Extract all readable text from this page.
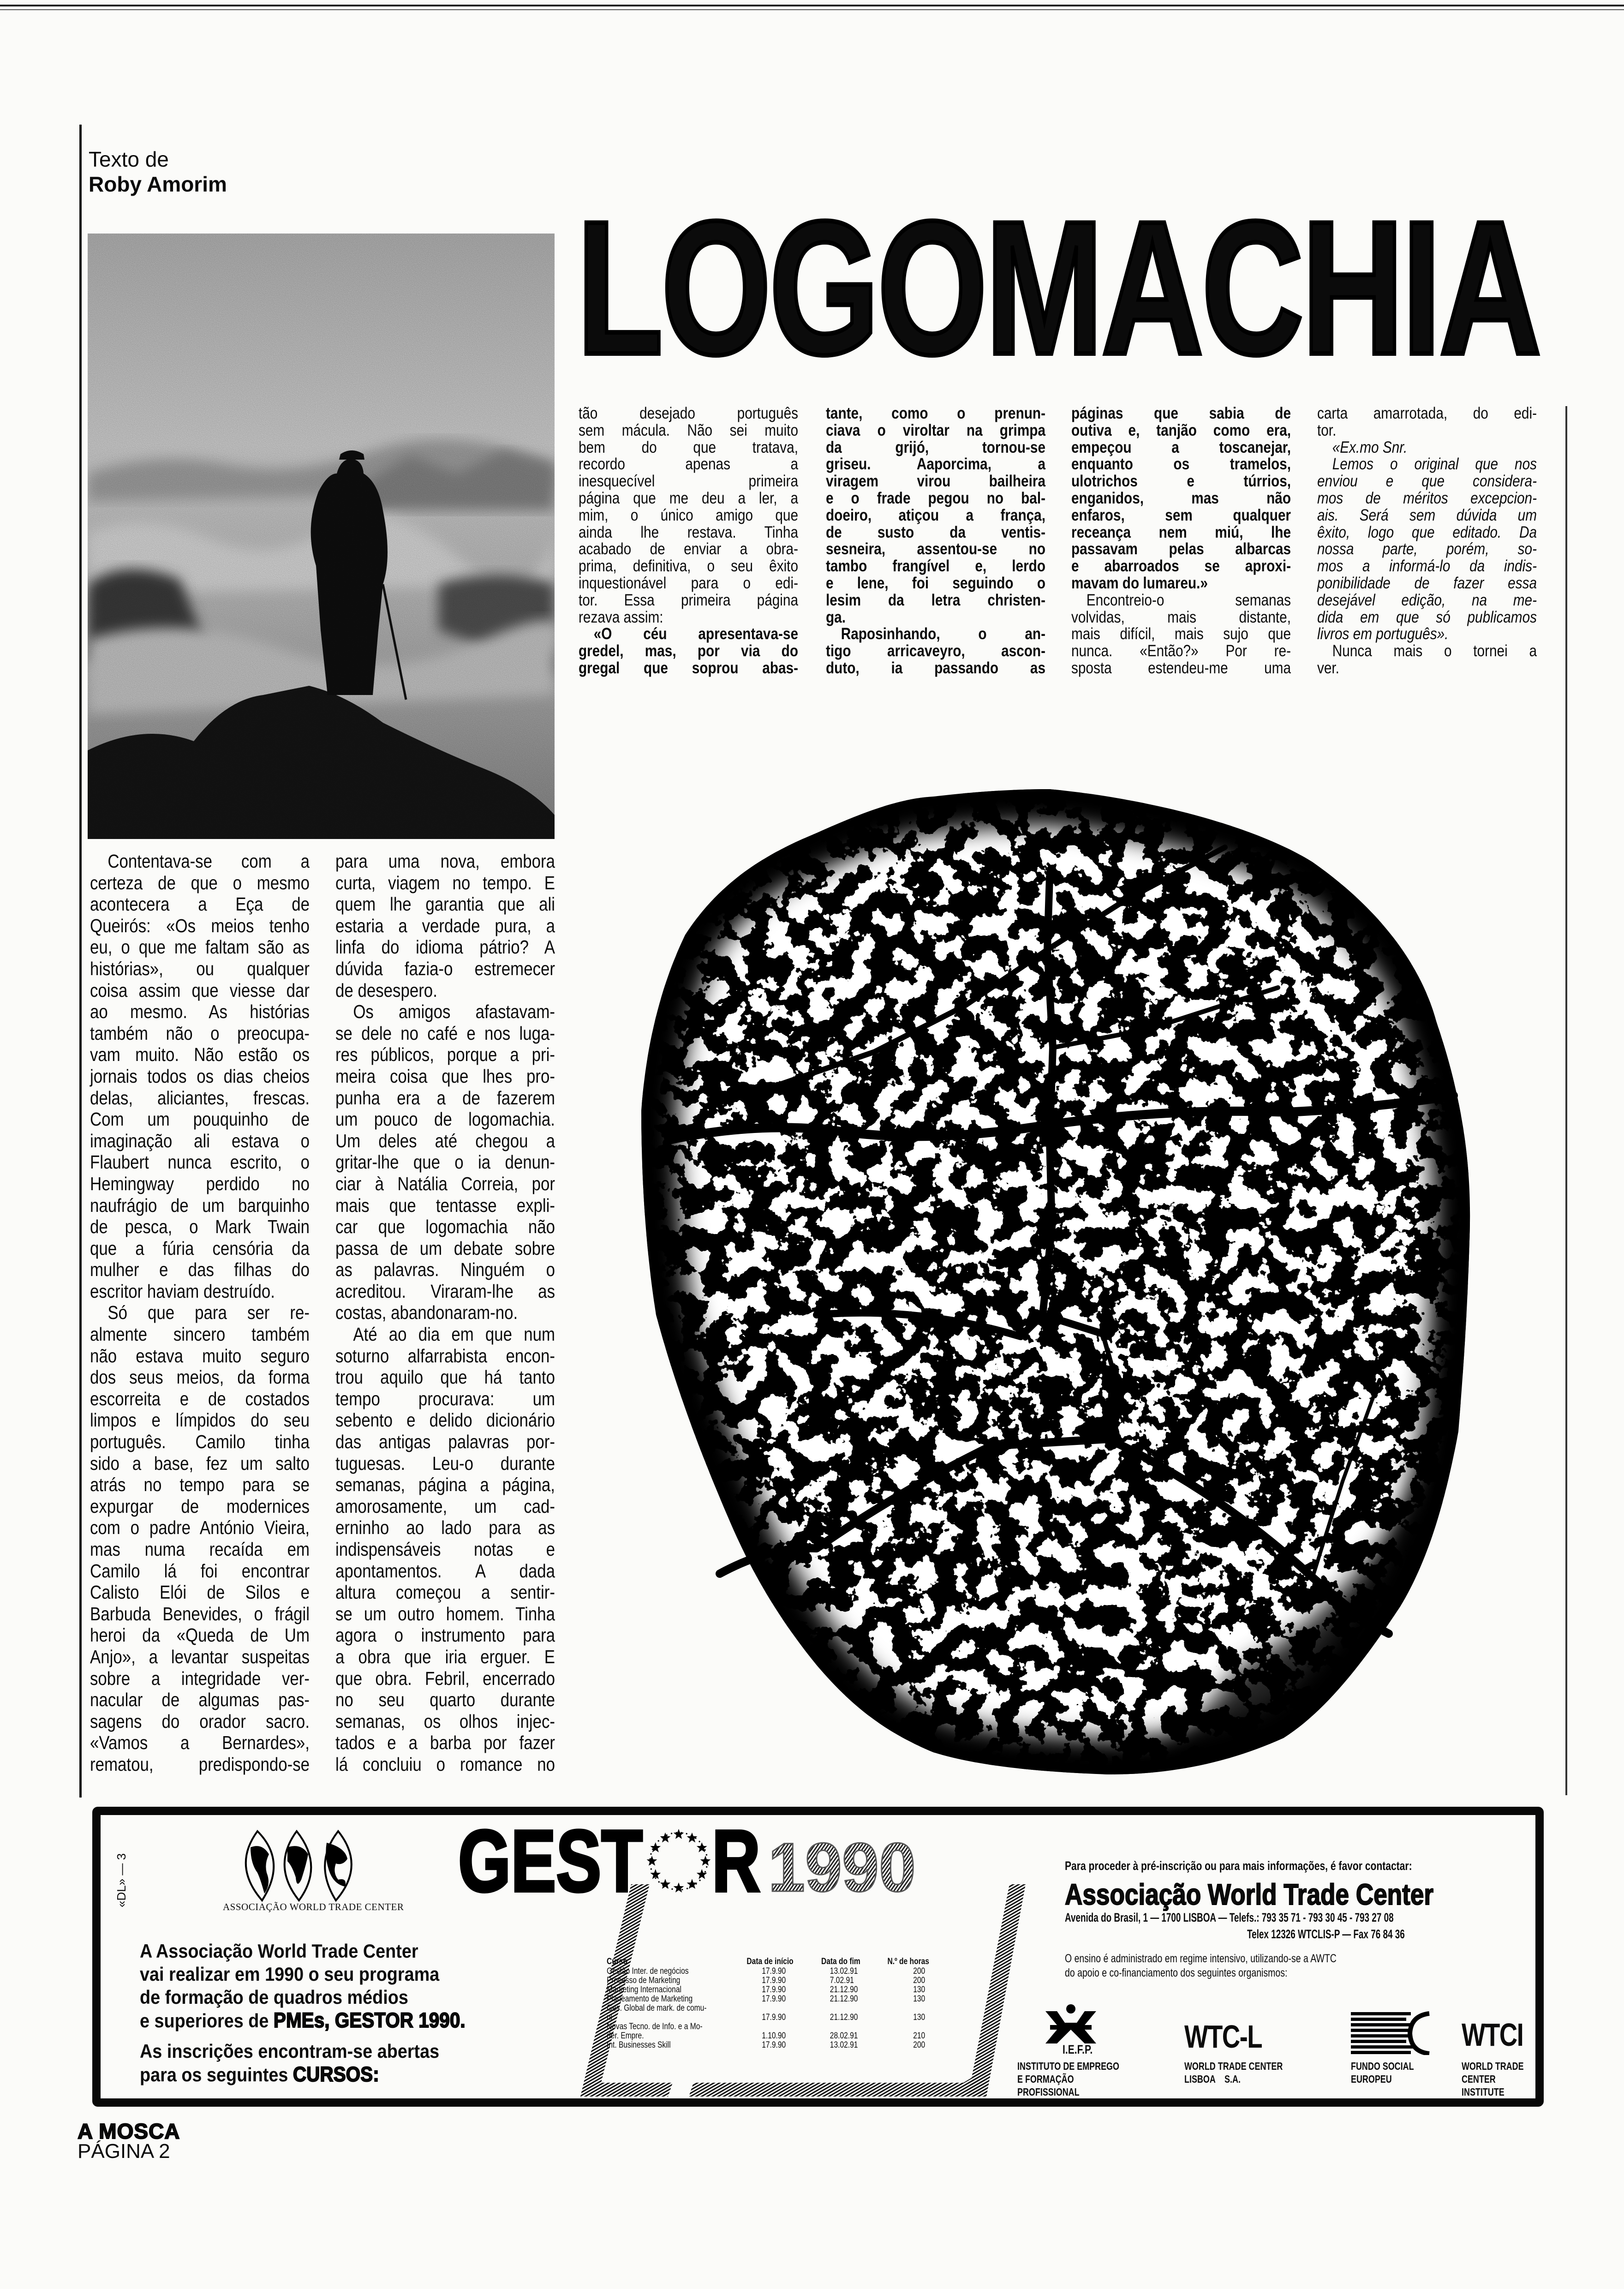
Texto de
Roby Amorim LOGOMACHIA
tão desejado português
sem mácula. Não sei muito
bem do que tratava,
recordo apenas a
inesquecível primeira
página que me deu a ler, a
mim, o único amigo que
ainda lhe restava. Tinha
acabado de enviar a obra-
prima, definitiva, o seu êxito
inquestionável para o edi-
tor. Essa primeira página
rezava assim:
«O céu apresentava-se
gredel, mas, por via do
gregal que soprou abas-
tante, como o prenun-
ciava o viroltar na grimpa
da grijó, tornou-se
griseu. Aaporcima, a
viragem virou bailheira
e o frade pegou no bal-
doeiro, atiçou a frança,
de susto da ventis-
sesneira, assentou-se no
tambo frangível e, lerdo
e lene, foi seguindo o
lesim da letra christen-
ga.
Raposinhando, o an-
tigo arricaveyro, ascon-
duto, ia passando as
páginas que sabia de
outiva e, tanjão como era,
empeçou a toscanejar,
enquanto os tramelos,
ulotrichos e túrrios,
enganidos, mas não
enfaros, sem qualquer
receança nem miú, lhe
passavam pelas albarcas
e abarroados se aproxi-
mavam do lumareu.»
Encontreio-o semanas
volvidas, mais distante,
mais difícil, mais sujo que
nunca. «Então?» Por re-
sposta estendeu-me uma
carta amarrotada, do edi-
tor.
«Ex.mo Snr.
Lemos o original que nos
enviou e que considera-
mos de méritos excepcion-
ais. Será sem dúvida um
êxito, logo que editado. Da
nossa parte, porém, so-
mos a informá-lo da indis-
ponibilidade de fazer essa
desejável edição, na me-
dida em que só publicamos
livros em português».
Nunca mais o tornei a
ver.
Contentava-se com a
certeza de que o mesmo
acontecera a Eça de
Queirós: «Os meios tenho
eu, o que me faltam são as
histórias», ou qualquer
coisa assim que viesse dar
ao mesmo. As histórias
também não o preocupa-
vam muito. Não estão os
jornais todos os dias cheios
delas, aliciantes, frescas.
Com um pouquinho de
imaginação ali estava o
Flaubert nunca escrito, o
Hemingway perdido no
naufrágio de um barquinho
de pesca, o Mark Twain
que a fúria censória da
mulher e das filhas do
escritor haviam destruído.
Só que para ser re-
almente sincero também
não estava muito seguro
dos seus meios, da forma
escorreita e de costados
limpos e límpidos do seu
português. Camilo tinha
sido a base, fez um salto
atrás no tempo para se
expurgar de modernices
com o padre António Vieira,
mas numa recaída em
Camilo lá foi encontrar
Calisto Elói de Silos e
Barbuda Benevides, o frágil
heroi da «Queda de Um
Anjo», a levantar suspeitas
sobre a integridade ver-
nacular de algumas pas-
sagens do orador sacro.
«Vamos a Bernardes»,
rematou, predispondo-se
para uma nova, embora
curta, viagem no tempo. E
quem lhe garantia que ali
estaria a verdade pura, a
linfa do idioma pátrio? A
dúvida fazia-o estremecer
de desespero.
Os amigos afastavam-
se dele no café e nos luga-
res públicos, porque a pri-
meira coisa que lhes pro-
punha era a de fazerem
um pouco de logomachia.
Um deles até chegou a
gritar-lhe que o ia denun-
ciar à Natália Correia, por
mais que tentasse expli-
car que logomachia não
passa de um debate sobre
as palavras. Ninguém o
acreditou. Viraram-lhe as
costas, abandonaram-no.
Até ao dia em que num
soturno alfarrabista encon-
trou aquilo que há tanto
tempo procurava: um
sebento e delido dicionário
das antigas palavras por-
tuguesas. Leu-o durante
semanas, página a página,
amorosamente, um cad-
erninho ao lado para as
indispensáveis notas e
apontamentos. A dada
altura começou a sentir-
se um outro homem. Tinha
agora o instrumento para
a obra que iria erguer. E
que obra. Febril, encerrado
no seu quarto durante
semanas, os olhos injec-
tados e a barba por fazer
lá concluiu o romance no
«DL» — 3	ASSOCIAÇÃO WORLD TRADE CENTER GEST R 1990
A Associação World Trade Center
vai realizar em 1990 o seu programa
de formação de quadros médios
e superiores de PMEs, GESTOR 1990.
As inscrições encontram-se abertas
para os seguintes CURSOS:
Curso	Data de início	Data do fim	N.º de horas
Gestão Inter. de negócios	17.9.90	13.02.91	200
Processo de Marketing	17.9.90	7.02.91	200
Marketing Internacional	17.9.90	21.12.90	130
Planeamento de Marketing	17.9.90	21.12.90	130
Ges. Global de mark. de comu-
ni.	17.9.90	21.12.90	130
Novas Tecno. de Info. e a Mo-
der. Empre.	1.10.90	28.02.91	210
Int. Businesses Skill	17.9.90	13.02.91	200
Para proceder à pré-inscrição ou para mais informações, é favor contactar:
Associação World Trade Center
Avenida do Brasil, 1 — 1700 LISBOA — Telefs.: 793 35 71 - 793 30 45 - 793 27 08
Telex 12326 WTCLIS-P — Fax 76 84 36
O ensino é administrado em regime intensivo, utilizando-se a AWTC
do apoio e co-financiamento dos seguintes organismos:
I.E.F.P.
INSTITUTO DE EMPREGO
E FORMAÇÃO
PROFISSIONAL
WTC-L
WORLD TRADE CENTER
LISBOA    S.A.
FUNDO SOCIAL
EUROPEU
WTCI
WORLD TRADE
CENTER
INSTITUTE
A MOSCA
PÁGINA 2
